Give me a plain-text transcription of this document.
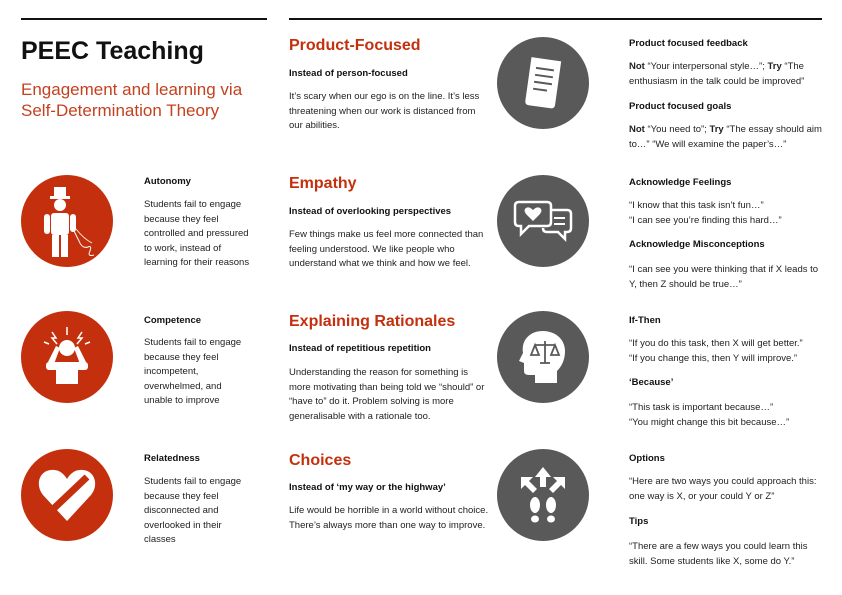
PEEC Teaching
Engagement and learning via Self-Determination Theory
Autonomy
Students fail to engage because they feel controlled and pressured to work, instead of learning for their reasons
Competence
Students fail to engage because they feel incompetent, overwhelmed, and unable to improve
Relatedness
Students fail to engage because they feel disconnected and overlooked in their classes
Product-Focused
Instead of person-focused
It’s scary when our ego is on the line. It’s less threatening when our work is distanced from our abilities.
Empathy
Instead of overlooking perspectives
Few things make us feel more connected than feeling understood. We like people who understand what we think and how we feel.
Explaining Rationales
Instead of repetitious repetition
Understanding the reason for something is more motivating than being told we “should” or “have to” do it. Problem solving is more generalisable with a rationale too.
Choices
Instead of ‘my way or the highway’
Life would be horrible in a world without choice. There’s always more than one way to improve.
Product focused feedback
Not “Your interpersonal style…”; Try “The enthusiasm in the talk could be improved”
Product focused goals
Not “You need to”; Try “The essay should aim to…” “We will examine the paper’s…”
Acknowledge Feelings
“I know that this task isn’t fun…”
“I can see you’re finding this hard…”
Acknowledge Misconceptions
“I can see you were thinking that if X leads to Y, then Z should be true…”
If-Then
“If you do this task, then X will get better.”
“If you change this, then Y will improve.”
‘Because’
“This task is important because…”
“You might change this bit because…”
Options
“Here are two ways you could approach this: one way is X, or your could Y or Z”
Tips
“There are a few ways you could learn this skill. Some students like X, some do Y.”
